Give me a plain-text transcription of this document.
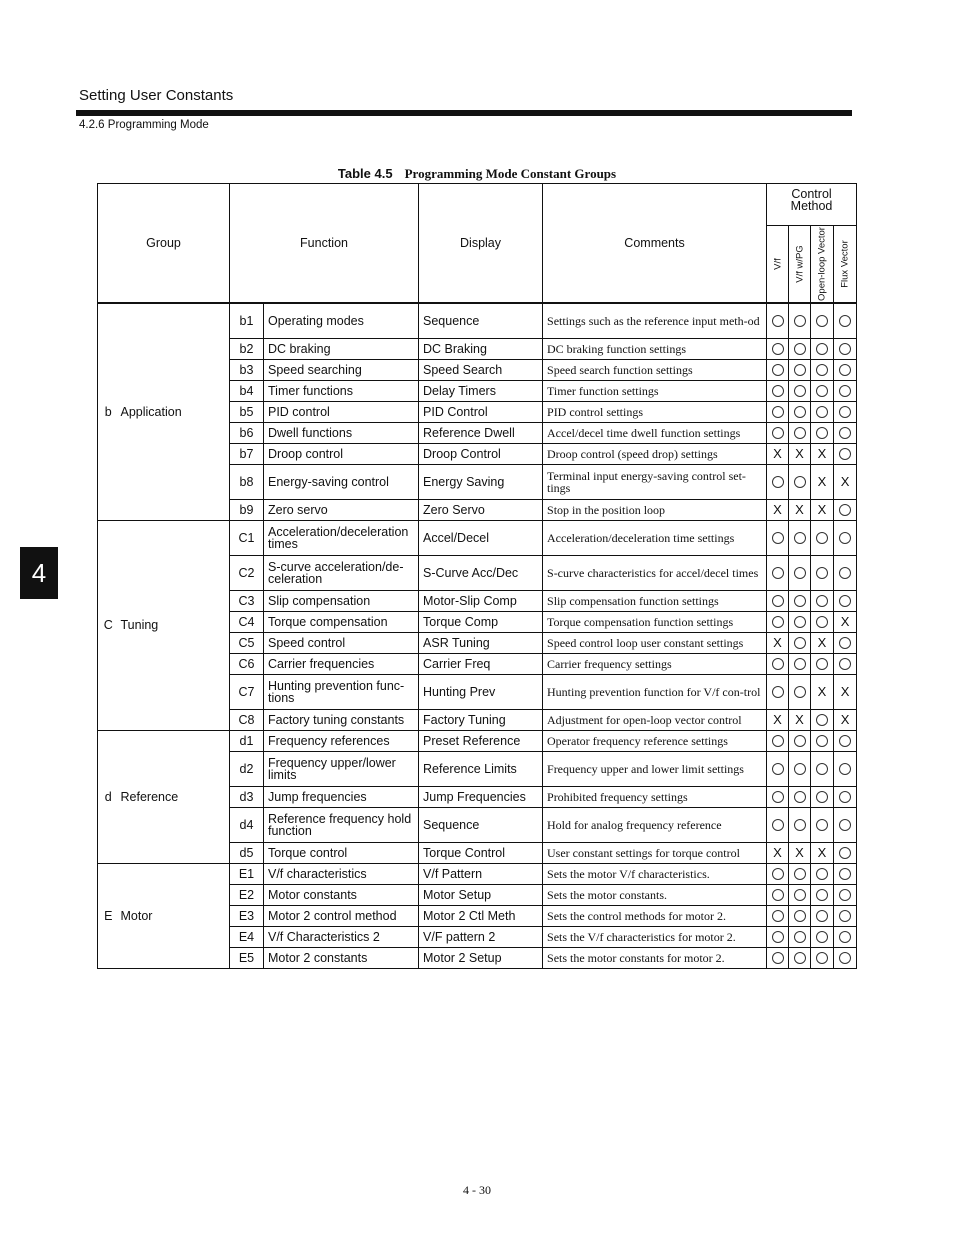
Setting User Constants
4.2.6 Programming Mode
4
Table 4.5 Programming Mode Constant Groups
Group		Function		Display	Comments	Control Method			

						V/f	V/f w/PG	Open-loop Vector	Flux Vector

b	Application	b1	Operating modes	Sequence	Settings such as the reference input meth-od				
		b2	DC braking	DC Braking	DC braking function settings				
		b3	Speed searching	Speed Search	Speed search function settings				
		b4	Timer functions	Delay Timers	Timer function settings				
		b5	PID control	PID Control	PID control settings				
		b6	Dwell functions	Reference Dwell	Accel/decel time dwell function settings				
		b7	Droop control	Droop Control	Droop control (speed drop) settings	X	X	X	
		b8	Energy-saving control	Energy Saving	Terminal input energy-saving control set-tings			X	X
		b9	Zero servo	Zero Servo	Stop in the position loop	X	X	X	
C	Tuning	C1	Acceleration/deceleration times	Accel/Decel	Acceleration/deceleration time settings				
		C2	S-curve acceleration/de-celeration	S-Curve Acc/Dec	S-curve characteristics for accel/decel times				
		C3	Slip compensation	Motor-Slip Comp	Slip compensation function settings				
		C4	Torque compensation	Torque Comp	Torque compensation function settings				X
		C5	Speed control	ASR Tuning	Speed control loop user constant settings	X		X	
		C6	Carrier frequencies	Carrier Freq	Carrier frequency settings				
		C7	Hunting prevention func-tions	Hunting Prev	Hunting prevention function for V/f con-trol			X	X
		C8	Factory tuning constants	Factory Tuning	Adjustment for open-loop vector control	X	X		X
d	Reference	d1	Frequency references	Preset Reference	Operator frequency reference settings				
		d2	Frequency upper/lower limits	Reference Limits	Frequency upper and lower limit settings				
		d3	Jump frequencies	Jump Frequencies	Prohibited frequency settings				
		d4	Reference frequency hold function	Sequence	Hold for analog frequency reference				
		d5	Torque control	Torque Control	User constant settings for torque control	X	X	X	
E	Motor	E1	V/f characteristics	V/f Pattern	Sets the motor V/f characteristics.				
		E2	Motor constants	Motor Setup	Sets the motor constants.				
		E3	Motor 2 control method	Motor 2 Ctl Meth	Sets the control methods for motor 2.				
		E4	V/f Characteristics 2	V/F pattern 2	Sets the V/f characteristics for motor 2.				
		E5	Motor 2 constants	Motor 2 Setup	Sets the motor constants for motor 2.				
4 - 30
